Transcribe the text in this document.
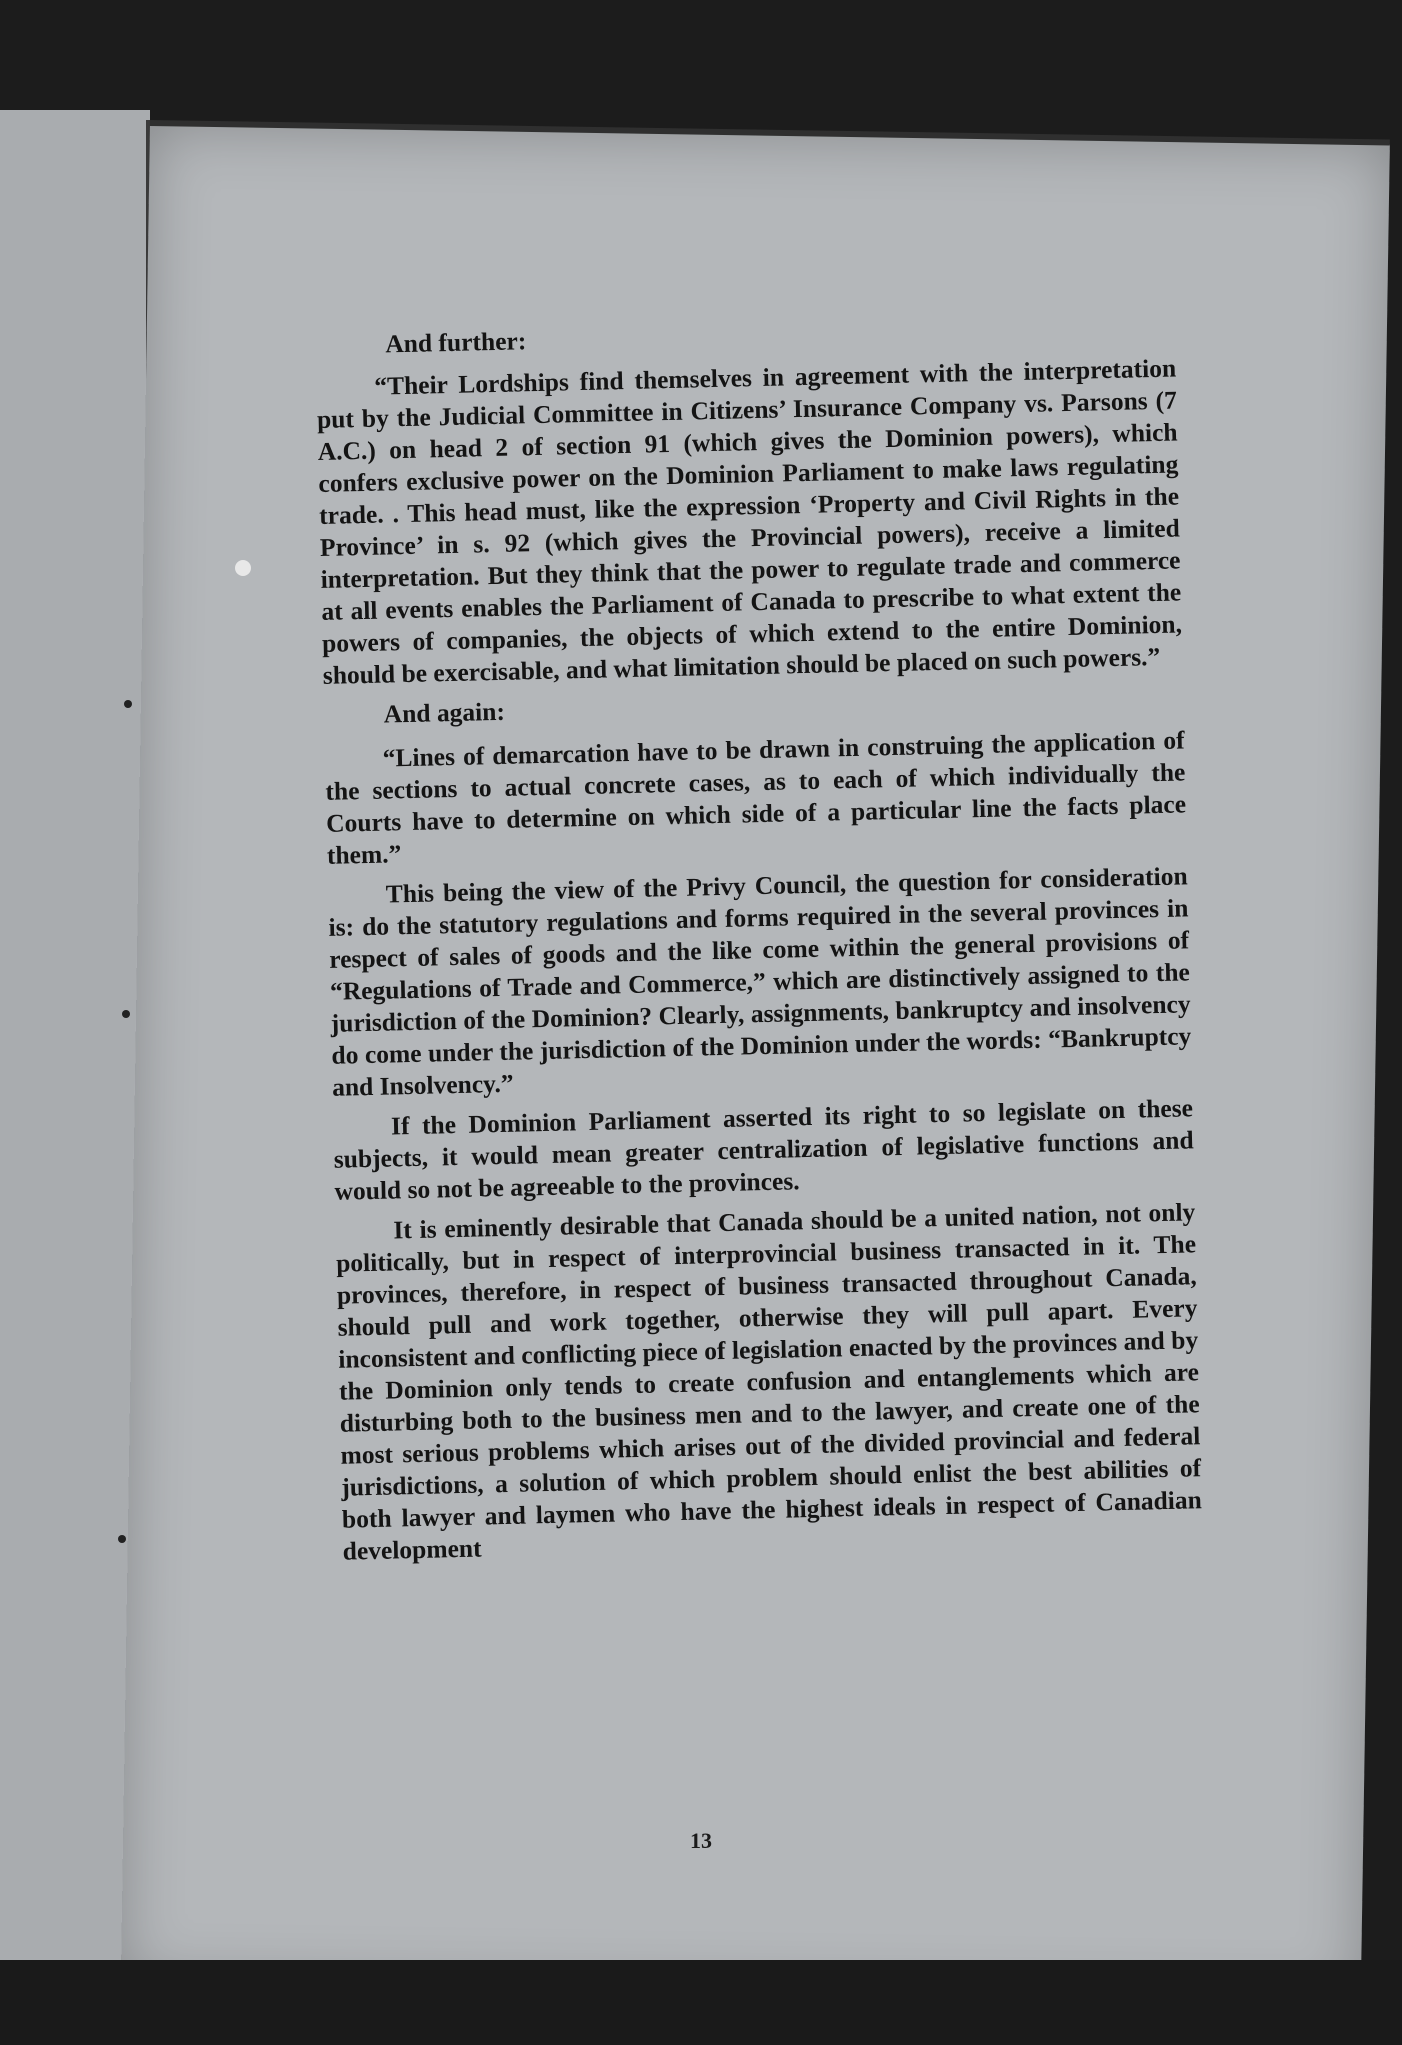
And further:

“Their Lordships find themselves in agreement with the interpretation put by the Judicial Committee in Citizens’ Insurance Company vs. Parsons (7 A.C.) on head 2 of section 91 (which gives the Dominion powers), which confers exclusive power on the Dominion Parliament to make laws regulating trade. . This head must, like the expression ‘Property and Civil Rights in the Province’ in s. 92 (which gives the Provincial powers), receive a limited interpretation. But they think that the power to regulate trade and commerce at all events enables the Parliament of Canada to prescribe to what extent the powers of companies, the objects of which extend to the entire Dominion, should be exercisable, and what limitation should be placed on such powers.”

And again:

“Lines of demarcation have to be drawn in construing the application of the sections to actual concrete cases, as to each of which individually the Courts have to determine on which side of a particular line the facts place them.”

This being the view of the Privy Council, the question for consideration is: do the statutory regulations and forms required in the several provinces in respect of sales of goods and the like come within the general provisions of “Regulations of Trade and Commerce,” which are distinctively assigned to the jurisdiction of the Dominion? Clearly, assignments, bankruptcy and insolvency do come under the jurisdiction of the Dominion under the words: “Bankruptcy and Insolvency.”

If the Dominion Parliament asserted its right to so legislate on these subjects, it would mean greater centralization of legislative functions and would so not be agreeable to the provinces.

It is eminently desirable that Canada should be a united nation, not only politically, but in respect of interprovincial business transacted in it. The provinces, therefore, in respect of business transacted throughout Canada, should pull and work together, otherwise they will pull apart. Every inconsistent and conflicting piece of legislation enacted by the provinces and by the Dominion only tends to create confusion and entanglements which are disturbing both to the business men and to the lawyer, and create one of the most serious problems which arises out of the divided provincial and federal jurisdictions, a solution of which problem should enlist the best abilities of both lawyer and laymen who have the highest ideals in respect of Canadian development

13
